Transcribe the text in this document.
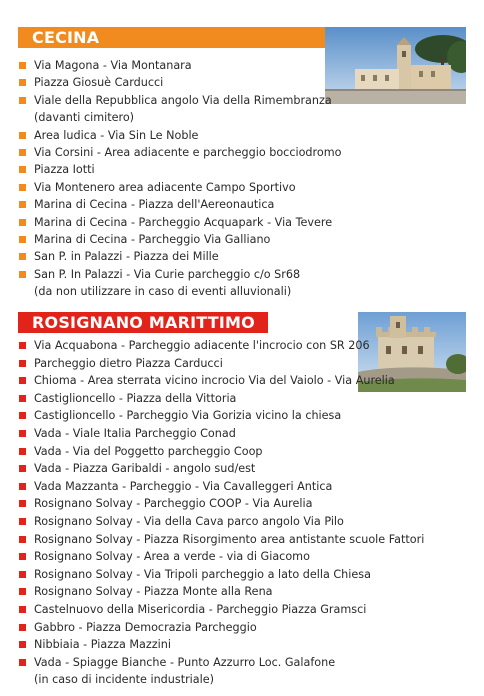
CECINA
Via Magona - Via Montanara
Piazza Giosuè Carducci
Viale della Repubblica angolo Via della Rimembranza
(davanti cimitero)
Area ludica - Via Sin Le Noble
Via Corsini - Area adiacente e parcheggio bocciodromo
Piazza Iotti
Via Montenero area adiacente Campo Sportivo
Marina di Cecina - Piazza dell'Aereonautica
Marina di Cecina - Parcheggio Acquapark - Via Tevere
Marina di Cecina - Parcheggio Via Galliano
San P. in Palazzi - Piazza dei Mille
San P. In Palazzi - Via Curie parcheggio c/o Sr68
(da non utilizzare in caso di eventi alluvionali)
ROSIGNANO MARITTIMO
Via Acquabona - Parcheggio adiacente l'incrocio con SR 206
Parcheggio dietro Piazza Carducci
Chioma - Area sterrata vicino incrocio Via del Vaiolo - Via Aurelia
Castiglioncello - Piazza della Vittoria
Castiglioncello - Parcheggio Via Gorizia vicino la chiesa
Vada - Viale Italia Parcheggio Conad
Vada - Via del Poggetto parcheggio Coop
Vada - Piazza Garibaldi - angolo sud/est
Vada Mazzanta - Parcheggio - Via Cavalleggeri Antica
Rosignano Solvay - Parcheggio COOP - Via Aurelia
Rosignano Solvay - Via della Cava parco angolo Via Pilo
Rosignano Solvay - Piazza Risorgimento area antistante scuole Fattori
Rosignano Solvay - Area a verde - via di Giacomo
Rosignano Solvay - Via Tripoli parcheggio a lato della Chiesa
Rosignano Solvay - Piazza Monte alla Rena
Castelnuovo della Misericordia - Parcheggio Piazza Gramsci
Gabbro - Piazza Democrazia Parcheggio
Nibbiaia - Piazza Mazzini
Vada - Spiagge Bianche - Punto Azzurro Loc. Galafone
(in caso di incidente industriale)
